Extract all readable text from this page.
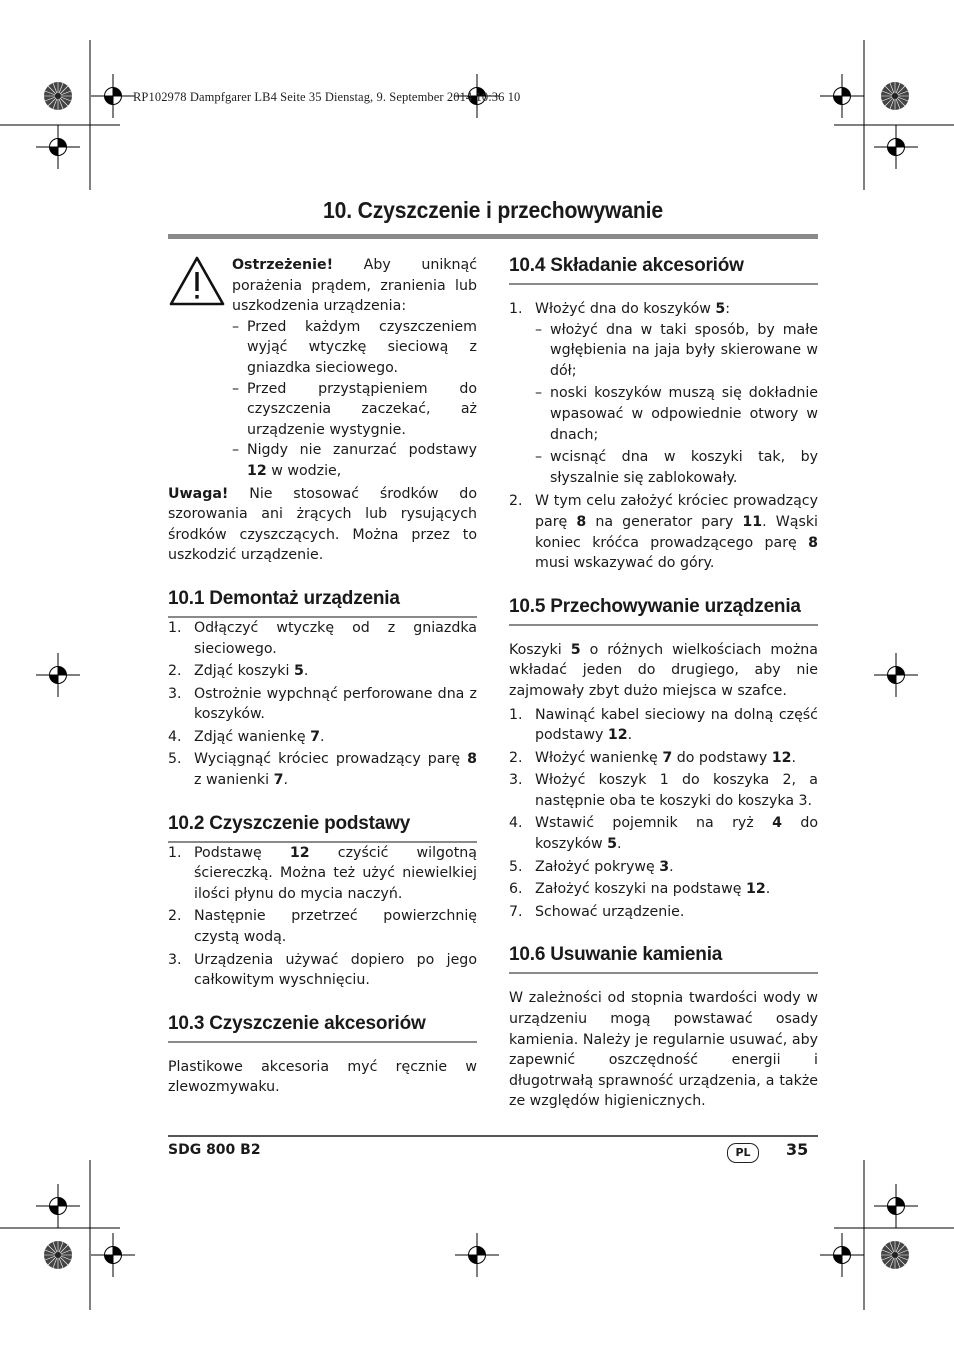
RP102978 Dampfgarer LB4 Seite 35 Dienstag, 9. September 2014 10:36 10
10. Czyszczenie i przechowywanie

Ostrzeżenie! Aby uniknąć porażenia prądem, zranienia lub uszkodzenia urządzenia:

– Przed każdym czyszczeniem wyjąć wtyczkę sieciową z gniazdka sieciowego.
– Przed przystąpieniem do czyszczenia zaczekać, aż urządzenie wystygnie.
– Nigdy nie zanurzać podstawy 12 w wodzie,

Uwaga! Nie stosować środków do szorowania ani żrących lub rysujących środków czyszczących. Można przez to uszkodzić urządzenie.

10.1 Demontaż urządzenia
1. Odłączyć wtyczkę od z gniazdka sieciowego.
2. Zdjąć koszyki 5.
3. Ostrożnie wypchnąć perforowane dna z koszyków.
4. Zdjąć wanienkę 7.
5. Wyciągnąć króciec prowadzący parę 8 z wanienki 7.
10.2 Czyszczenie podstawy
1. Podstawę 12 czyścić wilgotną ściereczką. Można też użyć niewielkiej ilości płynu do mycia naczyń.
2. Następnie przetrzeć powierzchnię czystą wodą.
3. Urządzenia używać dopiero po jego całkowitym wyschnięciu.
10.3 Czyszczenie akcesoriów

Plastikowe akcesoria myć ręcznie w zlewozmywaku.

10.4 Składanie akcesoriów
1. Włożyć dna do koszyków 5:
– włożyć dna w taki sposób, by małe wgłębienia na jaja były skierowane w dół;
– noski koszyków muszą się dokładnie wpasować w odpowiednie otwory w dnach;
– wcisnąć dna w koszyki tak, by słyszalnie się zablokowały.
2. W tym celu założyć króciec prowadzący parę 8 na generator pary 11. Wąski koniec króćca prowadzącego parę 8 musi wskazywać do góry.
10.5 Przechowywanie urządzenia

Koszyki 5 o różnych wielkościach można wkładać jeden do drugiego, aby nie zajmowały zbyt dużo miejsca w szafce.

1. Nawinąć kabel sieciowy na dolną część podstawy 12.
2. Włożyć wanienkę 7 do podstawy 12.
3. Włożyć koszyk 1 do koszyka 2, a następnie oba te koszyki do koszyka 3.
4. Wstawić pojemnik na ryż 4 do koszyków 5.
5. Założyć pokrywę 3.
6. Założyć koszyki na podstawę 12.
7. Schować urządzenie.
10.6 Usuwanie kamienia

W zależności od stopnia twardości wody w urządzeniu mogą powstawać osady kamienia. Należy je regularnie usuwać, aby zapewnić oszczędność energii i długotrwałą sprawność urządzenia, a także ze względów higienicznych.

SDG 800 B2	PL	35
